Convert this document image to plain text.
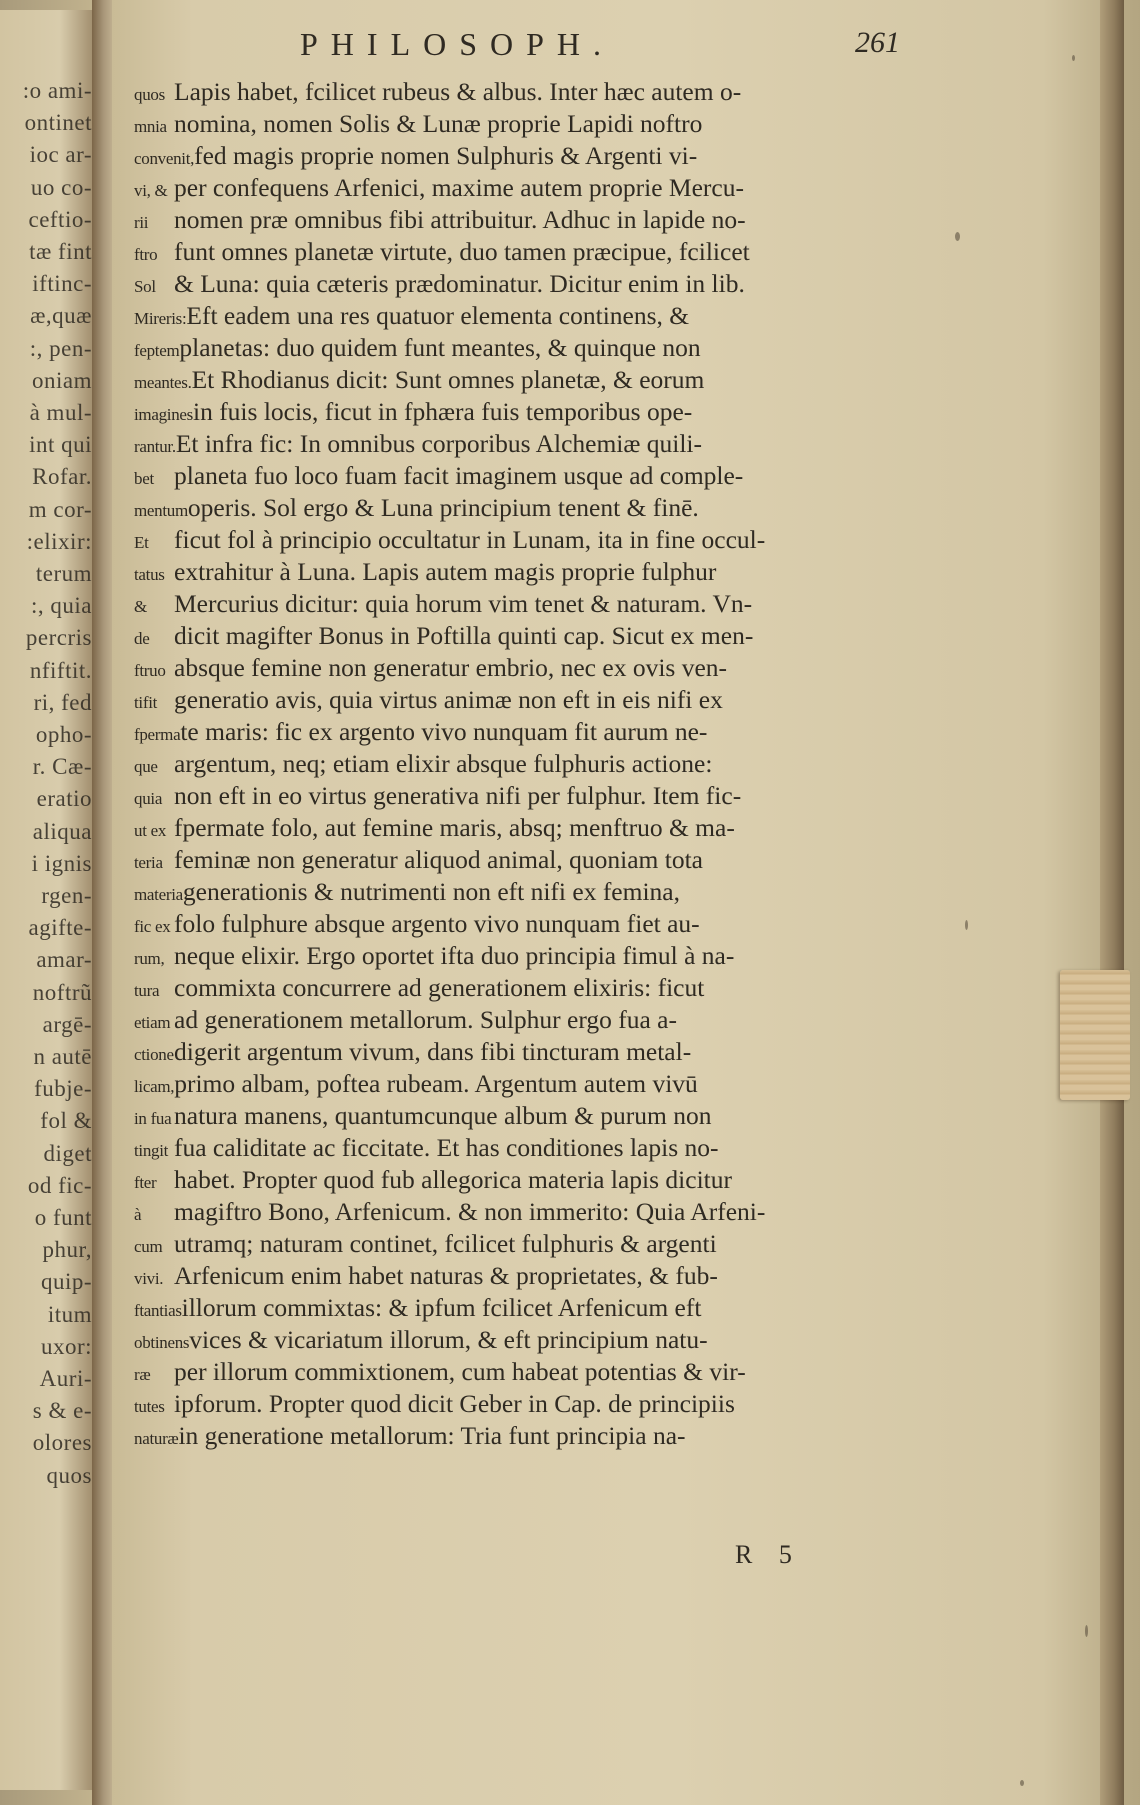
:o ami-
ontinet
ioc ar-
uo co-
ceftio-
tæ fint
iftinc-
æ,quæ
:, pen-
oniam
à mul-
int qui
Rofar.
m cor-
:elixir:
terum
:, quia
percris
nfiftit.
ri, fed
opho-
r. Cæ-
eratio
aliqua
i ignis
rgen-
agifte-
amar-
noftrũ
argē-
n autē
fubje-
fol &
diget
od fic-
o funt
phur,
quip-
itum
uxor:
Auri-
s & e-
olores
quos
PHILOSOPH.	261
quos Lapis habet, fcilicet rubeus & albus. Inter hæc autem o-
mnia nomina, nomen Solis & Lunæ proprie Lapidi noftro
convenit,fed magis proprie nomen Sulphuris & Argenti vi-
vi, & per confequens Arfenici, maxime autem proprie Mercu-
rii nomen præ omnibus fibi attribuitur. Adhuc in lapide no-
ftro funt omnes planetæ virtute, duo tamen præcipue, fcilicet
Sol & Luna: quia cæteris prædominatur. Dicitur enim in lib.
Mireris:Eft eadem una res quatuor elementa continens, &
feptemplanetas: duo quidem funt meantes, & quinque non
meantes.Et Rhodianus dicit: Sunt omnes planetæ, & eorum
imaginesin fuis locis, ficut in fphæra fuis temporibus ope-
rantur.Et infra fic: In omnibus corporibus Alchemiæ quili-
bet planeta fuo loco fuam facit imaginem usque ad comple-
mentumoperis. Sol ergo & Luna principium tenent & finē.
Et ficut fol à principio occultatur in Lunam, ita in fine occul-
tatus extrahitur à Luna. Lapis autem magis proprie fulphur
& Mercurius dicitur: quia horum vim tenet & naturam. Vn-
de dicit magifter Bonus in Poftilla quinti cap. Sicut ex men-
ftruo absque femine non generatur embrio, nec ex ovis ven-
tifit generatio avis, quia virtus animæ non eft in eis nifi ex
fpermate maris: fic ex argento vivo nunquam fit aurum ne-
que argentum, neq; etiam elixir absque fulphuris actione:
quia non eft in eo virtus generativa nifi per fulphur. Item fic-
ut ex fpermate folo, aut femine maris, absq; menftruo & ma-
teria feminæ non generatur aliquod animal, quoniam tota
materiagenerationis & nutrimenti non eft nifi ex femina,
fic ex folo fulphure absque argento vivo nunquam fiet au-
rum, neque elixir. Ergo oportet ifta duo principia fimul à na-
tura commixta concurrere ad generationem elixiris: ficut
etiam ad generationem metallorum. Sulphur ergo fua a-
ctionedigerit argentum vivum, dans fibi tincturam metal-
licam,primo albam, poftea rubeam. Argentum autem vivū
in fua natura manens, quantumcunque album & purum non
tingit fua caliditate ac ficcitate. Et has conditiones lapis no-
fter habet. Propter quod fub allegorica materia lapis dicitur
à magiftro Bono, Arfenicum. & non immerito: Quia Arfeni-
cum utramq; naturam continet, fcilicet fulphuris & argenti
vivi. Arfenicum enim habet naturas & proprietates, & fub-
ftantiasillorum commixtas: & ipfum fcilicet Arfenicum eft
obtinensvices & vicariatum illorum, & eft principium natu-
ræ per illorum commixtionem, cum habeat potentias & vir-
tutes ipforum. Propter quod dicit Geber in Cap. de principiis
naturæin generatione metallorum: Tria funt principia na-
R 5
